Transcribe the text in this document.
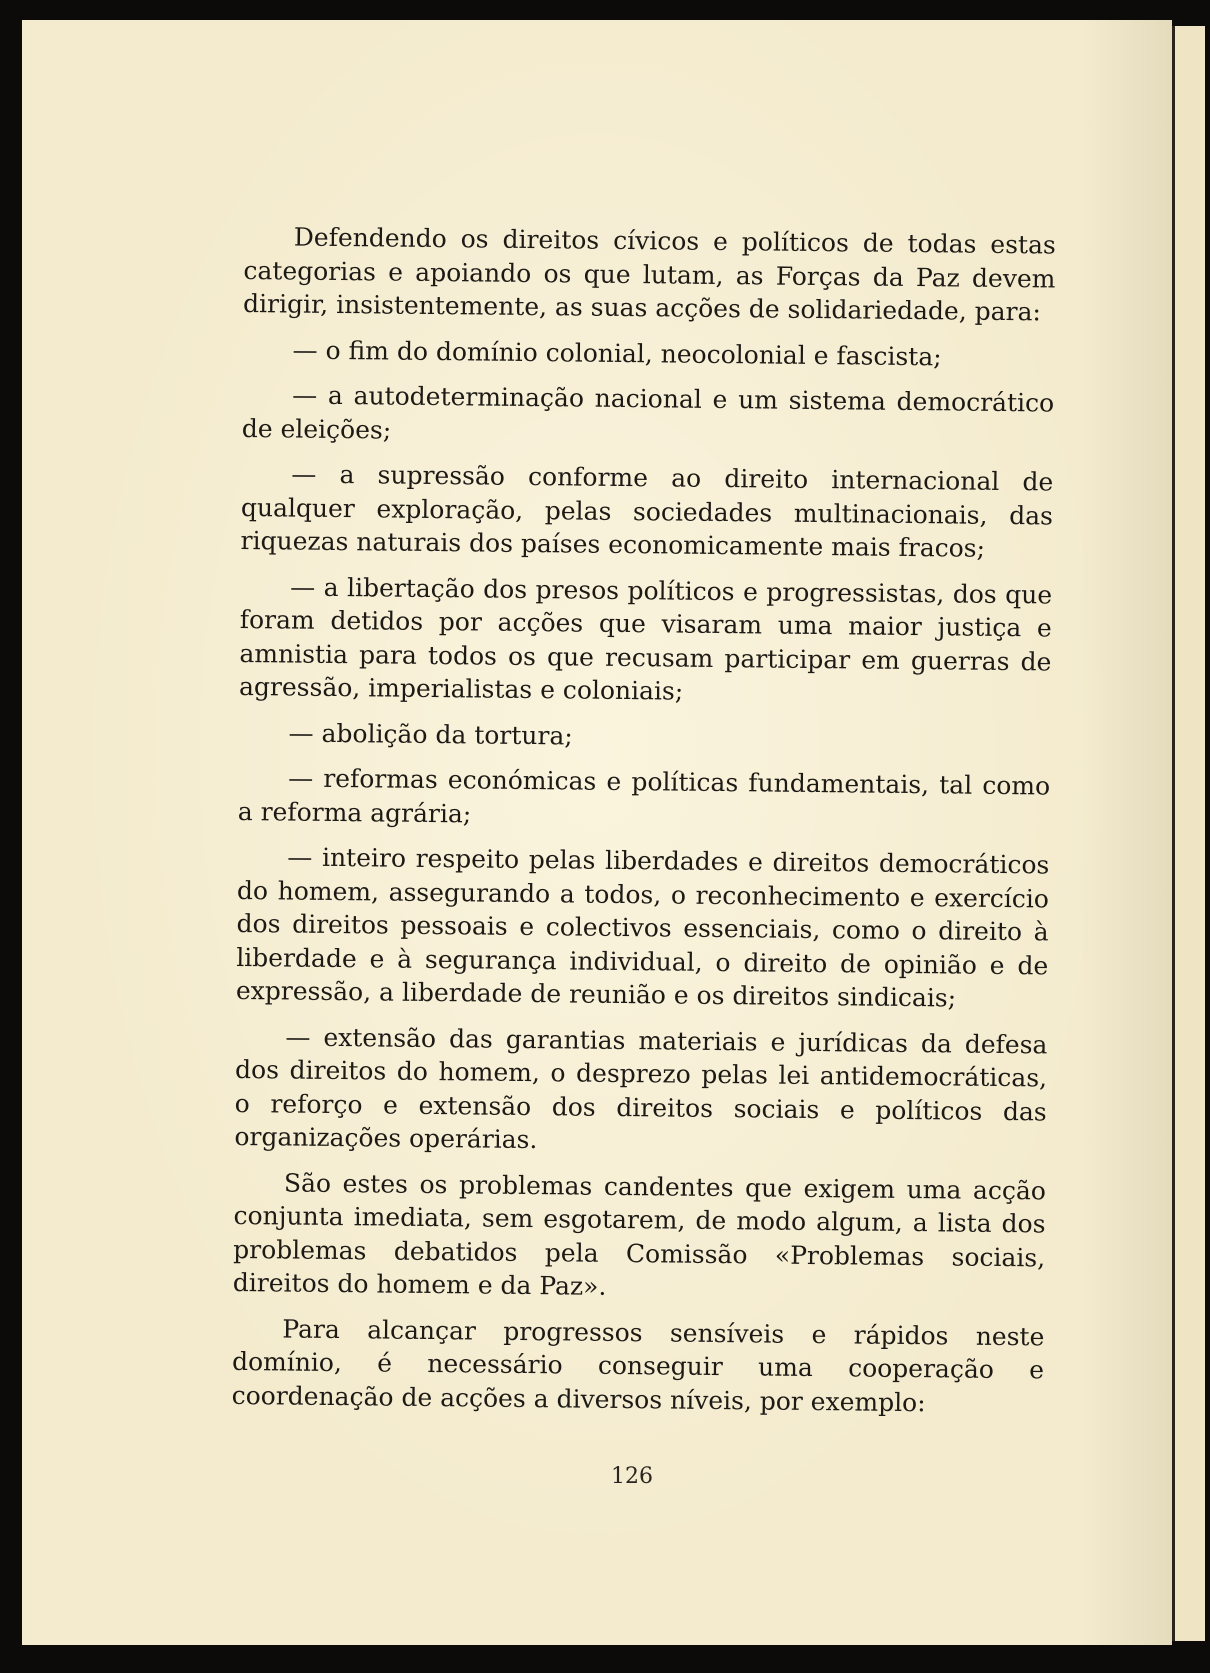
Defendendo os direitos cívicos e políticos de todas estas categorias e apoiando os que lutam, as Forças da Paz devem dirigir, insistentemente, as suas acções de solidariedade, para:

— o fim do domínio colonial, neocolonial e fascista;

— a autodeterminação nacional e um sistema democrático de eleições;

— a supressão conforme ao direito internacional de qualquer exploração, pelas sociedades multinacionais, das riquezas naturais dos países economicamente mais fracos;

— a libertação dos presos políticos e progressistas, dos que foram detidos por acções que visaram uma maior justiça e amnistia para todos os que recusam participar em guerras de agressão, imperialistas e coloniais;

— abolição da tortura;

— reformas económicas e políticas fundamentais, tal como a reforma agrária;

— inteiro respeito pelas liberdades e direitos democráticos do homem, assegurando a todos, o reconhecimento e exercício dos direitos pessoais e colectivos essenciais, como o direito à liberdade e à segurança individual, o direito de opinião e de expressão, a liberdade de reunião e os direitos sindicais;

— extensão das garantias materiais e jurídicas da defesa dos direitos do homem, o desprezo pelas lei antidemocráticas, o reforço e extensão dos direitos sociais e políticos das organizações operárias.

São estes os problemas candentes que exigem uma acção conjunta imediata, sem esgotarem, de modo algum, a lista dos problemas debatidos pela Comissão «Problemas sociais, direitos do homem e da Paz».

Para alcançar progressos sensíveis e rápidos neste domínio, é necessário conseguir uma cooperação e coordenação de acções a diversos níveis, por exemplo:

126
